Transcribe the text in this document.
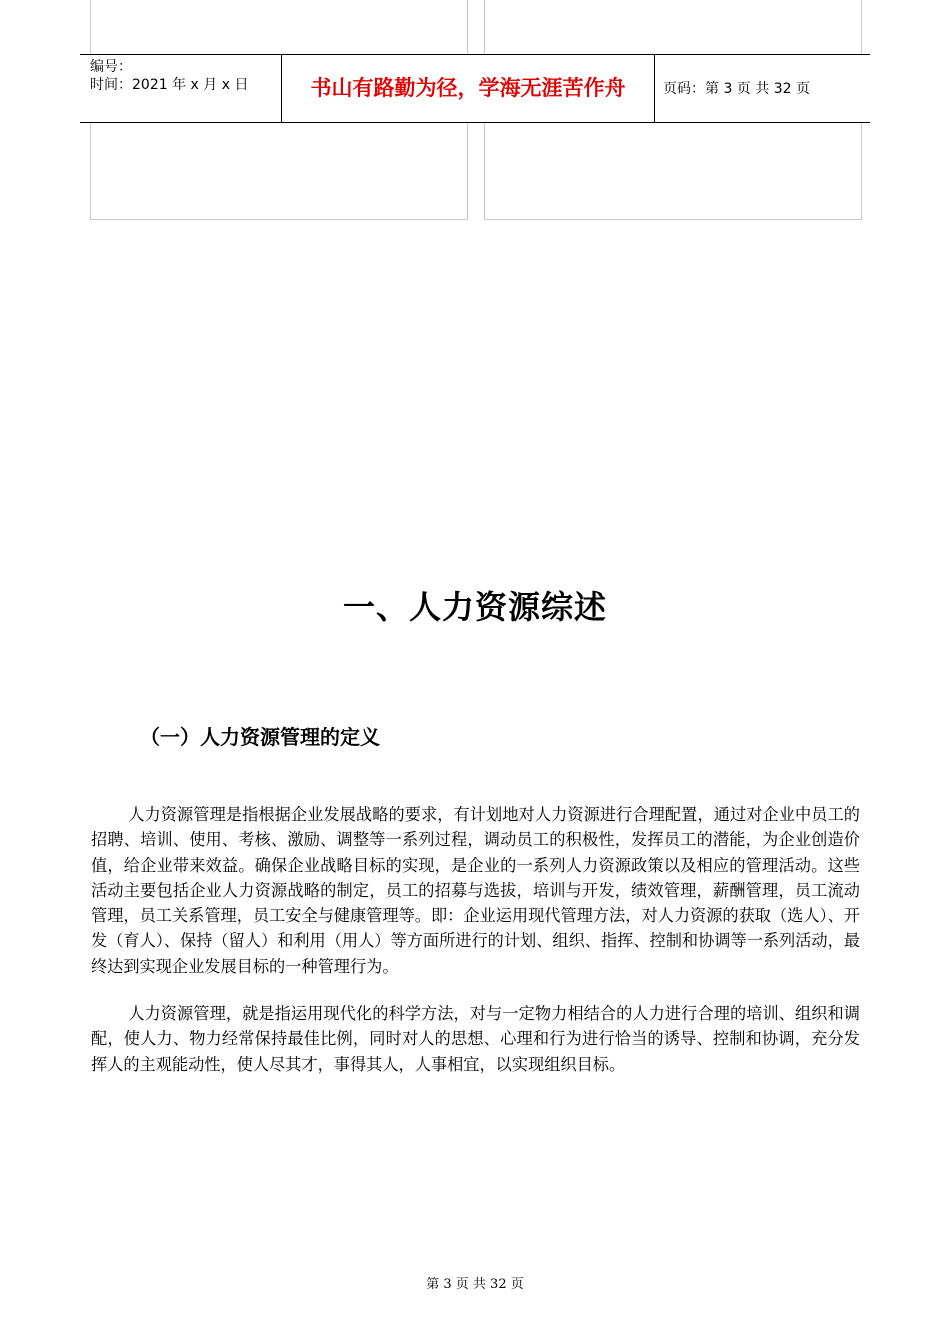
编号：
时间：2021 年 x 月 x 日	书山有路勤为径，学海无涯苦作舟	页码：第 3 页 共 32 页
一、人力资源综述
（一）人力资源管理的定义

人力资源管理是指根据企业发展战略的要求，有计划地对人力资源进行合理配置，通过对企业中员工的招聘、培训、使用、考核、激励、调整等一系列过程，调动员工的积极性，发挥员工的潜能，为企业创造价值，给企业带来效益。确保企业战略目标的实现，是企业的一系列人力资源政策以及相应的管理活动。这些活动主要包括企业人力资源战略的制定，员工的招募与选拔，培训与开发，绩效管理，薪酬管理，员工流动管理，员工关系管理，员工安全与健康管理等。即：企业运用现代管理方法，对人力资源的获取（选人）、开发（育人）、保持（留人）和利用（用人）等方面所进行的计划、组织、指挥、控制和协调等一系列活动，最终达到实现企业发展目标的一种管理行为。

人力资源管理，就是指运用现代化的科学方法，对与一定物力相结合的人力进行合理的培训、组织和调配，使人力、物力经常保持最佳比例，同时对人的思想、心理和行为进行恰当的诱导、控制和协调，充分发挥人的主观能动性，使人尽其才，事得其人，人事相宜，以实现组织目标。

第 3 页 共 32 页
